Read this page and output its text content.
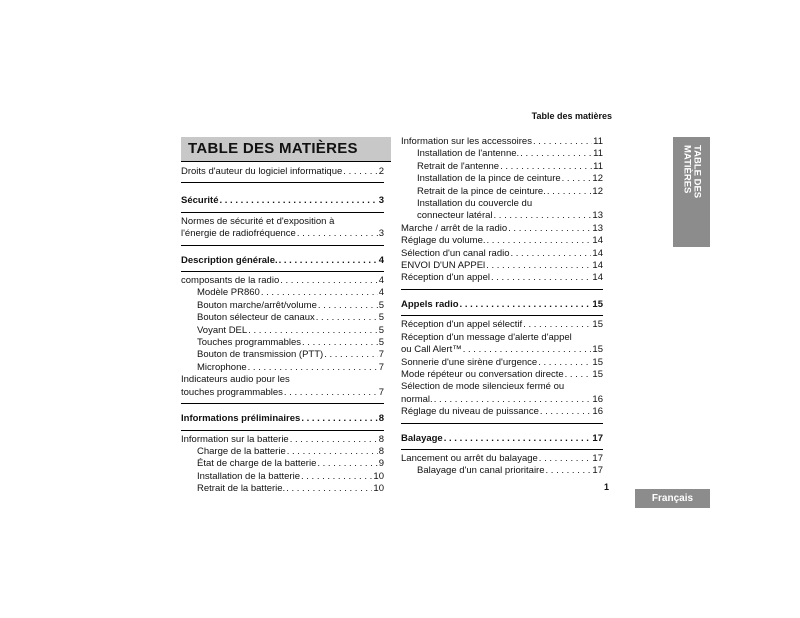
Table des matières
TABLE DES MATIÈRES
Droits d'auteur du logiciel informatique . . .	2
Sécurité . . .	3
Normes de sécurité et d'exposition à
l'énergie de radiofréquence . . .	3
Description générale. . . .	4
composants de la radio . . .	4
Modèle PR860 . . .	4
Bouton marche/arrêt/volume . . .	5
Bouton sélecteur de canaux . . .	5
Voyant DEL . . .	5
Touches programmables . . .	5
Bouton de transmission (PTT) . . .	7
Microphone . . .	7
Indicateurs audio pour les
touches programmables . . .	7
Informations préliminaires . . .	8
Information sur la batterie . . .	8
Charge de la batterie . . .	8
État de charge de la batterie . . .	9
Installation de la batterie . . .	10
Retrait de la batterie. . . .	10
Information sur les accessoires . . .	11
Installation de l'antenne. . . .	11
Retrait de l'antenne . . .	11
Installation de la pince de ceinture . . .	12
Retrait de la pince de ceinture. . . .	12
Installation du couvercle du
connecteur latéral . . .	13
Marche / arrêt de la radio . . .	13
Réglage du volume. . . .	14
Sélection d'un canal radio . . .	14
ENVOI D'UN APPEl . . .	14
Réception d'un appel . . .	14
Appels radio . . .	15
Réception d'un appel sélectif . . .	15
Réception d'un message d'alerte d'appel
ou Call Alert™ . . .	15
Sonnerie d'une sirène d'urgence . . .	15
Mode répéteur ou conversation directe . . .	15
Sélection de mode silencieux fermé ou
normal. . . .	16
Réglage du niveau de puissance . . .	16
Balayage . . .	17
Lancement ou arrêt du balayage . . .	17
Balayage d'un canal prioritaire . . .	17
TABLE DES
MATIÈRES
1
Français
